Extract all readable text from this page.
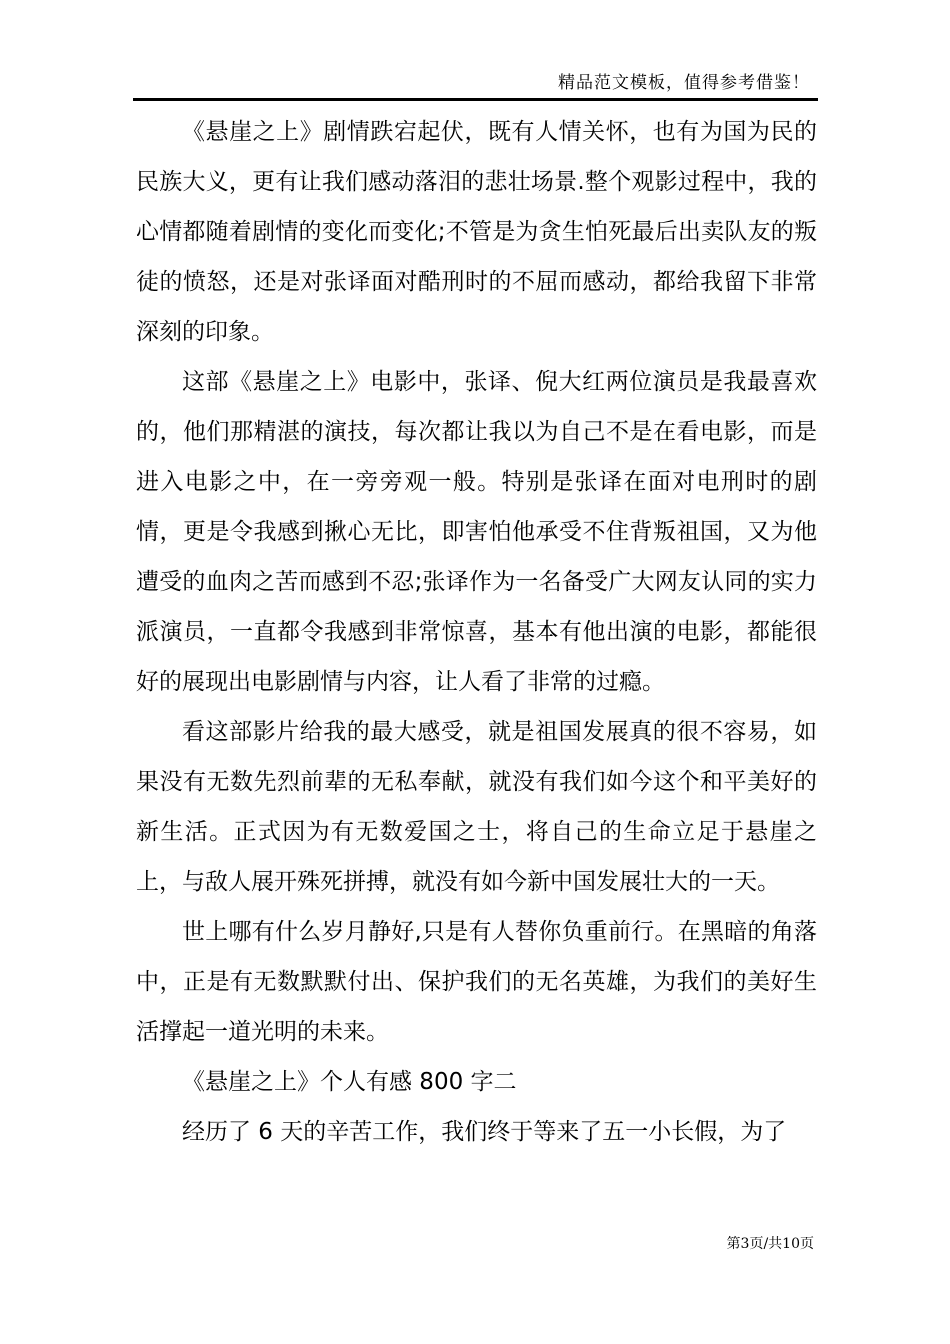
精品范文模板，值得参考借鉴！

《悬崖之上》剧情跌宕起伏，既有人情关怀，也有为国为民的民族大义，更有让我们感动落泪的悲壮场景.整个观影过程中，我的心情都随着剧情的变化而变化;不管是为贪生怕死最后出卖队友的叛徒的愤怒，还是对张译面对酷刑时的不屈而感动，都给我留下非常深刻的印象。

这部《悬崖之上》电影中，张译、倪大红两位演员是我最喜欢的，他们那精湛的演技，每次都让我以为自己不是在看电影，而是进入电影之中，在一旁旁观一般。特别是张译在面对电刑时的剧情，更是令我感到揪心无比，即害怕他承受不住背叛祖国，又为他遭受的血肉之苦而感到不忍;张译作为一名备受广大网友认同的实力派演员，一直都令我感到非常惊喜，基本有他出演的电影，都能很好的展现出电影剧情与内容，让人看了非常的过瘾。

看这部影片给我的最大感受，就是祖国发展真的很不容易，如果没有无数先烈前辈的无私奉献，就没有我们如今这个和平美好的新生活。正式因为有无数爱国之士，将自己的生命立足于悬崖之上，与敌人展开殊死拼搏，就没有如今新中国发展壮大的一天。

世上哪有什么岁月静好,只是有人替你负重前行。在黑暗的角落中，正是有无数默默付出、保护我们的无名英雄，为我们的美好生活撑起一道光明的未来。

《悬崖之上》个人有感 800 字二

经历了 6 天的辛苦工作，我们终于等来了五一小长假，为了

第3页/共10页
